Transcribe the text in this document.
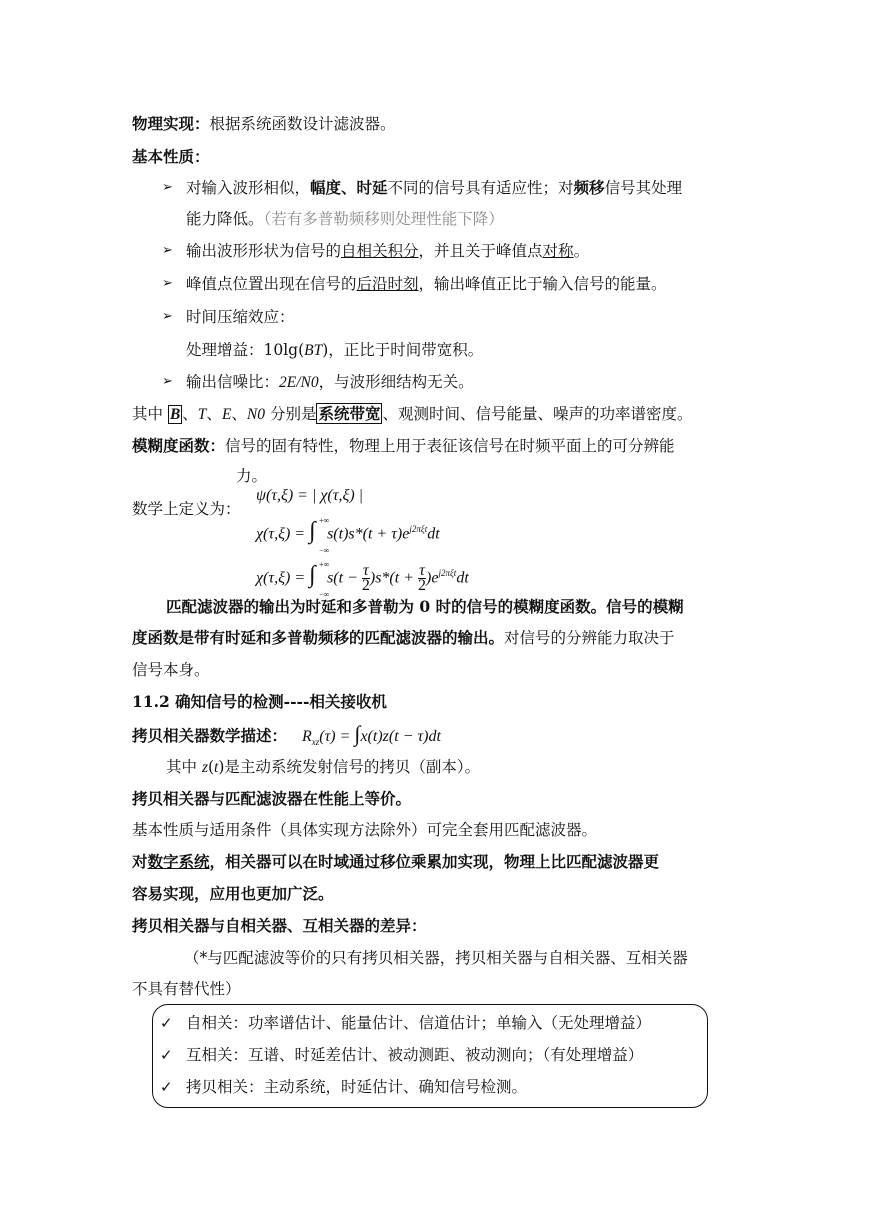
物理实现：根据系统函数设计滤波器。
基本性质：
➢ 对输入波形相似，幅度、时延不同的信号具有适应性；对频移信号其处理
能力降低。（若有多普勒频移则处理性能下降）
➢ 输出波形形状为信号的自相关积分，并且关于峰值点对称。
➢ 峰值点位置出现在信号的后沿时刻，输出峰值正比于输入信号的能量。
➢ 时间压缩效应：
处理增益：10lg(BT)，正比于时间带宽积。
➢ 输出信噪比：2E/N0，与波形细结构无关。
其中 B 、T、E、N0 分别是 系统带宽 、观测时间、信号能量、噪声的功率谱密度。
模糊度函数：信号的固有特性，物理上用于表征该信号在时频平面上的可分辨能
力。
数学上定义为：
ψ(τ,ξ) = | χ(τ,ξ) |
χ(τ,ξ) = ∫ +∞
−∞
$s(t)s*(t + \tau)e^{j2\pi\xi t}dt$
χ(τ,ξ) = ∫ +∞
−∞
$s(t - \frac{\tau}{2} )s*(t + \frac{\tau}{2} )e^{j2\pi\xi t}dt$
匹配滤波器的输出为时延和多普勒为 0 时的信号的模糊度函数。信号的模糊
度函数是带有时延和多普勒频移的匹配滤波器的输出。对信号的分辨能力取决于
信号本身。
11.2 确知信号的检测----相关接收机
拷贝相关器数学描述： $R_{xz}(\tau) = \int x(t)z(t - \tau)dt$
其中 z(t)是主动系统发射信号的拷贝（副本）。
拷贝相关器与匹配滤波器在性能上等价。
基本性质与适用条件（具体实现方法除外）可完全套用匹配滤波器。
对数字系统，相关器可以在时域通过移位乘累加实现，物理上比匹配滤波器更
容易实现，应用也更加广泛。
拷贝相关器与自相关器、互相关器的差异：
（*与匹配滤波等价的只有拷贝相关器，拷贝相关器与自相关器、互相关器
不具有替代性）
✓ 自相关：功率谱估计、能量估计、信道估计；单输入（无处理增益）
✓ 互相关：互谱、时延差估计、被动测距、被动测向；（有处理增益）
✓ 拷贝相关：主动系统，时延估计、确知信号检测。
